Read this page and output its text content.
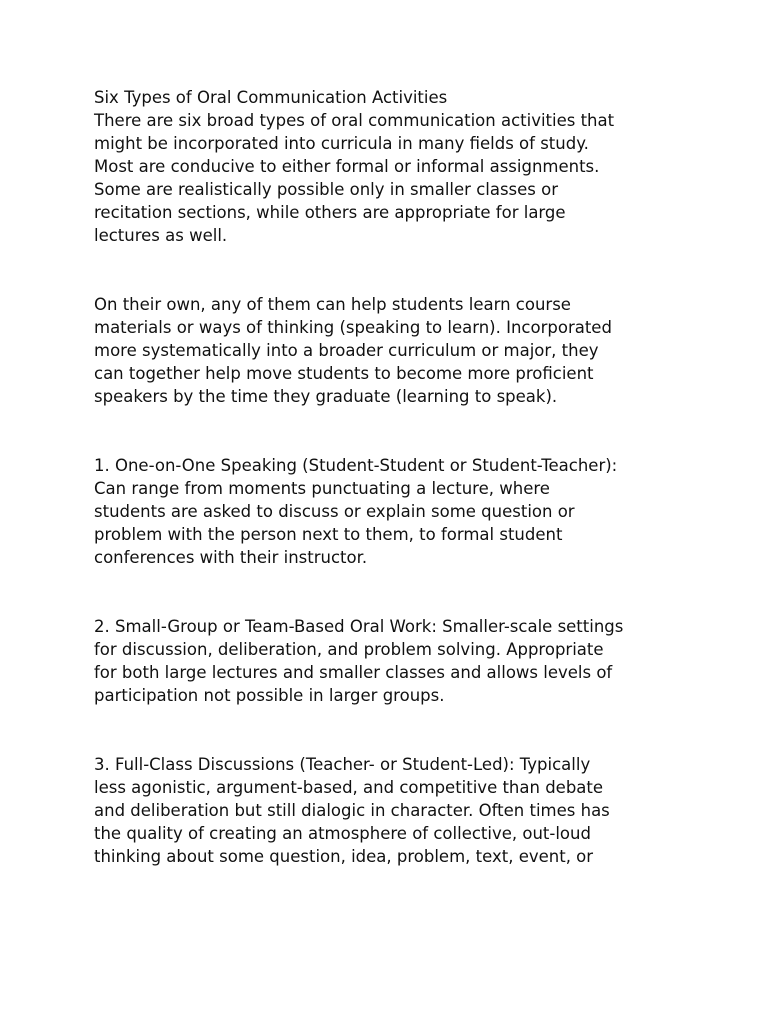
Six Types of Oral Communication Activities

There are six broad types of oral communication activities that
might be incorporated into curricula in many fields of study.
Most are conducive to either formal or informal assignments.
Some are realistically possible only in smaller classes or
recitation sections, while others are appropriate for large
lectures as well.

On their own, any of them can help students learn course
materials or ways of thinking (speaking to learn). Incorporated
more systematically into a broader curriculum or major, they
can together help move students to become more proficient
speakers by the time they graduate (learning to speak).

1. One-on-One Speaking (Student-Student or Student-Teacher):
Can range from moments punctuating a lecture, where
students are asked to discuss or explain some question or
problem with the person next to them, to formal student
conferences with their instructor.

2. Small-Group or Team-Based Oral Work: Smaller-scale settings
for discussion, deliberation, and problem solving. Appropriate
for both large lectures and smaller classes and allows levels of
participation not possible in larger groups.

3. Full-Class Discussions (Teacher- or Student-Led): Typically
less agonistic, argument-based, and competitive than debate
and deliberation but still dialogic in character. Often times has
the quality of creating an atmosphere of collective, out-loud
thinking about some question, idea, problem, text, event, or
